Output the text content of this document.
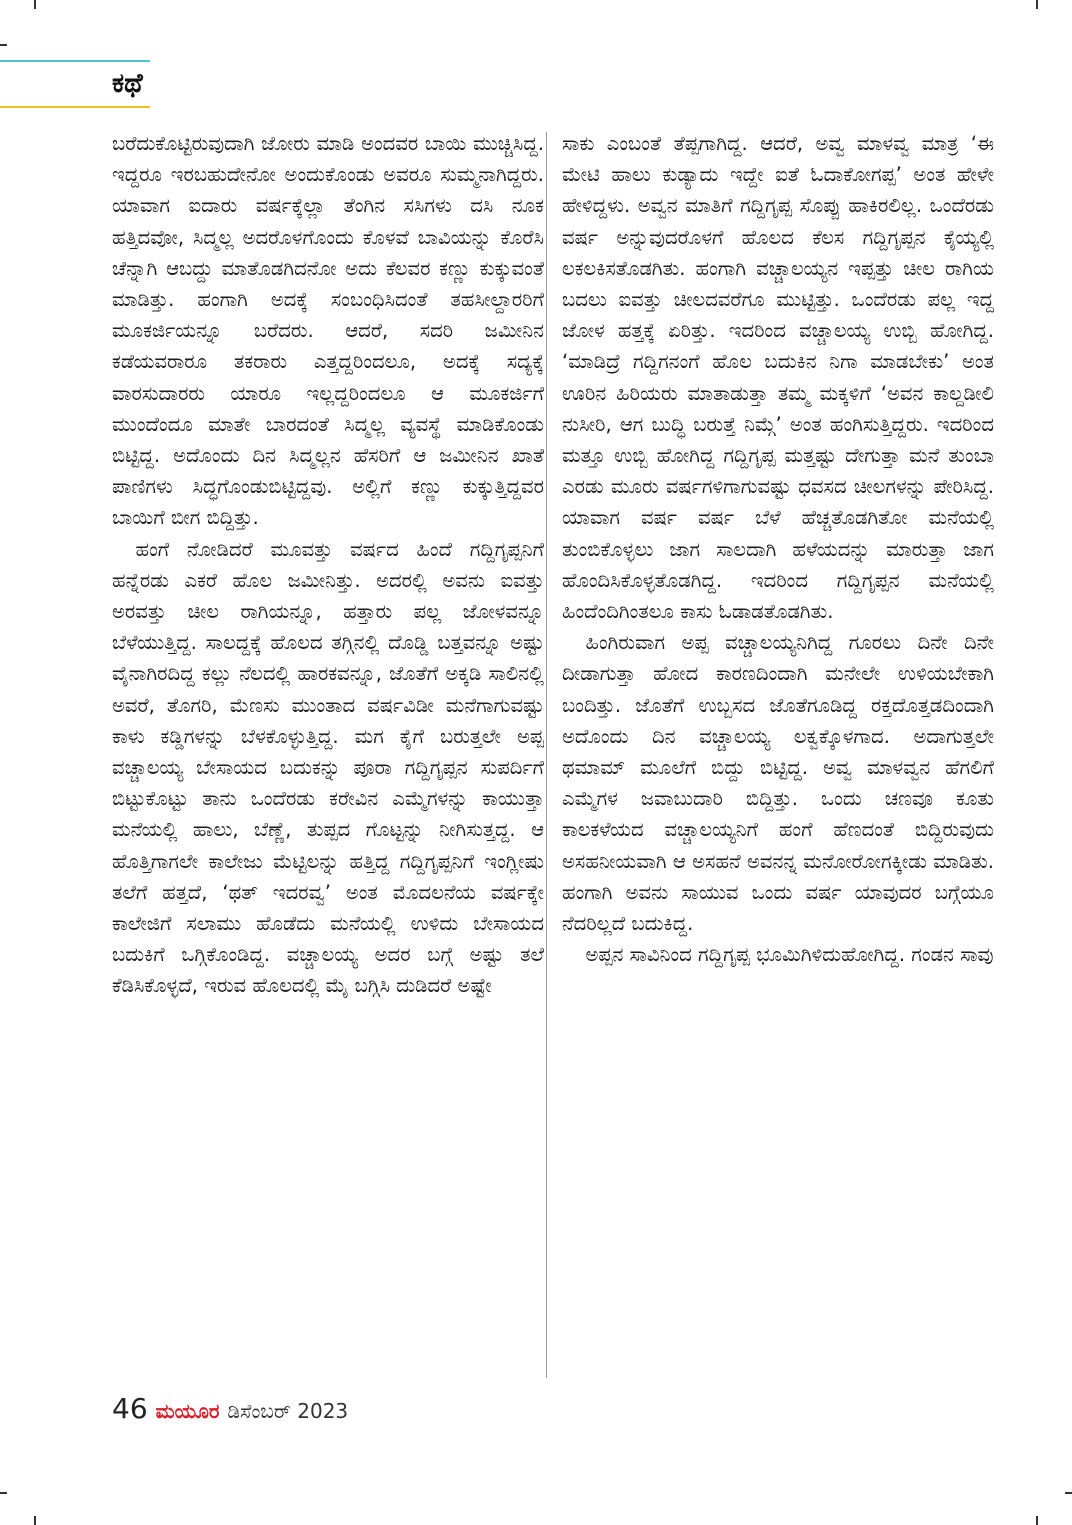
ಕಥೆ

ಬರೆದುಕೊಟ್ಟಿರುವುದಾಗಿ ಜೋರು ಮಾಡಿ ಅಂದವರ ಬಾಯಿ ಮುಚ್ಚಿಸಿದ್ದ. ಇದ್ದರೂ ಇರಬಹುದೇನೋ ಅಂದುಕೊಂಡು ಅವರೂ ಸುಮ್ಮನಾಗಿದ್ದರು. ಯಾವಾಗ ಐದಾರು ವರ್ಷಕ್ಕೆಲ್ಲಾ ತೆಂಗಿನ ಸಸಿಗಳು ದಸಿ ನೂಕ ಹತ್ತಿದವೋ, ಸಿದ್ಮಲ್ಲ ಅದರೊಳಗೊಂದು ಕೊಳವೆ ಬಾವಿಯನ್ನು ಕೊರೆಸಿ ಚೆನ್ನಾಗಿ ಆಬದ್ದು ಮಾತೊಡಗಿದನೋ ಅದು ಕೆಲವರ ಕಣ್ಣು ಕುಕ್ಕುವಂತೆ ಮಾಡಿತ್ತು. ಹಂಗಾಗಿ ಅದಕ್ಕೆ ಸಂಬಂಧಿಸಿದಂತೆ ತಹಸೀಲ್ದಾರರಿಗೆ ಮೂಕರ್ಜಿಯನ್ನೂ ಬರೆದರು. ಆದರೆ, ಸದರಿ ಜಮೀನಿನ ಕಡೆಯವರಾರೂ ತಕರಾರು ಎತ್ತದ್ದರಿಂದಲೂ, ಅದಕ್ಕೆ ಸದ್ಯಕ್ಕೆ ವಾರಸುದಾರರು ಯಾರೂ ಇಲ್ಲದ್ದರಿಂದಲೂ ಆ ಮೂಕರ್ಜಿಗೆ ಮುಂದೆಂದೂ ಮಾತೇ ಬಾರದಂತೆ ಸಿದ್ಮಲ್ಲ ವ್ಯವಸ್ಥೆ ಮಾಡಿಕೊಂಡು ಬಿಟ್ಟಿದ್ದ. ಅದೊಂದು ದಿನ ಸಿದ್ಮಲ್ಲನ ಹೆಸರಿಗೆ ಆ ಜಮೀನಿನ ಖಾತೆ ಪಾಣಿಗಳು ಸಿದ್ಧಗೊಂಡುಬಿಟ್ಟಿದ್ದವು. ಅಲ್ಲಿಗೆ ಕಣ್ಣು ಕುಕ್ಕುತ್ತಿದ್ದವರ ಬಾಯಿಗೆ ಬೀಗ ಬಿದ್ದಿತ್ತು.

ಹಂಗೆ ನೋಡಿದರೆ ಮೂವತ್ತು ವರ್ಷದ ಹಿಂದೆ ಗದ್ದಿಗೃಪ್ಪನಿಗೆ ಹನ್ನೆರಡು ಎಕರೆ ಹೊಲ ಜಮೀನಿತ್ತು. ಅದರಲ್ಲಿ ಅವನು ಐವತ್ತು ಅರವತ್ತು ಚೀಲ ರಾಗಿಯನ್ನೂ, ಹತ್ತಾರು ಪಲ್ಲ ಜೋಳವನ್ನೂ ಬೆಳೆಯುತ್ತಿದ್ದ. ಸಾಲದ್ದಕ್ಕೆ ಹೊಲದ ತಗ್ಗಿನಲ್ಲಿ ದೊಡ್ಡಿ ಬತ್ತವನ್ನೂ ಅಷ್ಟು ವೈನಾಗಿರದಿದ್ದ ಕಲ್ಲು ನೆಲದಲ್ಲಿ ಹಾರಕವನ್ನೂ, ಜೊತೆಗೆ ಅಕ್ಕಡಿ ಸಾಲಿನಲ್ಲಿ ಅವರೆ, ತೊಗರಿ, ಮೆಣಸು ಮುಂತಾದ ವರ್ಷವಿಡೀ ಮನೆಗಾಗುವಷ್ಟು ಕಾಳು ಕಡ್ಡಿಗಳನ್ನು ಬೆಳಕೊಳ್ಳುತ್ತಿದ್ದ. ಮಗ ಕೈಗೆ ಬರುತ್ತಲೇ ಅಪ್ಪ ವಚ್ಚಾಲಯ್ಯ ಬೇಸಾಯದ ಬದುಕನ್ನು ಪೂರಾ ಗದ್ದಿಗೃಪ್ಪನ ಸುಪರ್ದಿಗೆ ಬಿಟ್ಟುಕೊಟ್ಟು ತಾನು ಒಂದೆರಡು ಕರೇವಿನ ಎಮ್ಮೆಗಳನ್ನು ಕಾಯುತ್ತಾ ಮನೆಯಲ್ಲಿ ಹಾಲು, ಬೆಣ್ಣೆ, ತುಪ್ಪದ ಗೊಟ್ಟನ್ನು ನೀಗಿಸುತ್ತದ್ದ. ಆ ಹೊತ್ತಿಗಾಗಲೇ ಕಾಲೇಜು ಮೆಟ್ಟಿಲನ್ನು ಹತ್ತಿದ್ದ ಗದ್ದಿಗೃಪ್ಪನಿಗೆ ಇಂಗ್ಲೀಷು ತಲೆಗೆ ಹತ್ತದೆ, ‘ಥತ್ ಇದರವ್ವ’ ಅಂತ ಮೊದಲನೆಯ ವರ್ಷಕ್ಕೇ ಕಾಲೇಜಿಗೆ ಸಲಾಮು ಹೊಡೆದು ಮನೆಯಲ್ಲಿ ಉಳಿದು ಬೇಸಾಯದ ಬದುಕಿಗೆ ಒಗ್ಗಿಕೊಂಡಿದ್ದ. ವಚ್ಚಾಲಯ್ಯ ಅದರ ಬಗ್ಗೆ ಅಷ್ಟು ತಲೆ ಕೆಡಿಸಿಕೊಳ್ಳದೆ, ಇರುವ ಹೊಲದಲ್ಲಿ ಮೈ ಬಗ್ಗಿಸಿ ದುಡಿದರೆ ಅಷ್ಟೇ

ಸಾಕು ಎಂಬಂತೆ ತೆಪ್ಪಗಾಗಿದ್ದ. ಆದರೆ, ಅವ್ವ ಮಾಳವ್ವ ಮಾತ್ರ ‘ಈ ಮೇಟಿ ಹಾಲು ಕುಡ್ಯಾದು ಇದ್ದೇ ಐತೆ ಓದಾಕೋಗಪ್ಪ’ ಅಂತ ಹೇಳೇ ಹೇಳಿದ್ದಳು. ಅವ್ವನ ಮಾತಿಗೆ ಗದ್ದಿಗೃಪ್ಪ ಸೊಪ್ಪು ಹಾಕಿರಲಿಲ್ಲ. ಒಂದೆರಡು ವರ್ಷ ಅನ್ನುವುದರೊಳಗೆ ಹೊಲದ ಕೆಲಸ ಗದ್ದಿಗೃಪ್ಪನ ಕೈಯ್ಯಲ್ಲಿ ಲಕಲಕಿಸತೊಡಗಿತು. ಹಂಗಾಗಿ ವಚ್ಚಾಲಯ್ಯನ ಇಪ್ಪತ್ತು ಚೀಲ ರಾಗಿಯ ಬದಲು ಐವತ್ತು ಚೀಲದವರೆಗೂ ಮುಟ್ಟಿತ್ತು. ಒಂದೆರಡು ಪಲ್ಲ ಇದ್ದ ಜೋಳ ಹತ್ತಕ್ಕೆ ಏರಿತ್ತು. ಇದರಿಂದ ವಚ್ಚಾಲಯ್ಯ ಉಬ್ಬಿ ಹೋಗಿದ್ದ. ‘ಮಾಡಿದ್ರೆ ಗದ್ದಿಗನಂಗೆ ಹೊಲ ಬದುಕಿನ ನಿಗಾ ಮಾಡಬೇಕು’ ಅಂತ ಊರಿನ ಹಿರಿಯರು ಮಾತಾಡುತ್ತಾ ತಮ್ಮ ಮಕ್ಕಳಿಗೆ ‘ಅವನ ಕಾಲ್ದಡೀಲಿ ನುಸೀರಿ, ಆಗ ಬುದ್ಧಿ ಬರುತ್ತೆ ನಿಮ್ಗೆ’ ಅಂತ ಹಂಗಿಸುತ್ತಿದ್ದರು. ಇದರಿಂದ ಮತ್ತೂ ಉಬ್ಬಿ ಹೋಗಿದ್ದ ಗದ್ದಿಗೃಪ್ಪ ಮತ್ತಷ್ಟು ದೇಗುತ್ತಾ ಮನೆ ತುಂಬಾ ಎರಡು ಮೂರು ವರ್ಷಗಳಿಗಾಗುವಷ್ಟು ಧವಸದ ಚೀಲಗಳನ್ನು ಪೇರಿಸಿದ್ದ. ಯಾವಾಗ ವರ್ಷ ವರ್ಷ ಬೆಳೆ ಹೆಚ್ಚತೊಡಗಿತೋ ಮನೆಯಲ್ಲಿ ತುಂಬಿಕೊಳ್ಳಲು ಜಾಗ ಸಾಲದಾಗಿ ಹಳೆಯದನ್ನು ಮಾರುತ್ತಾ ಜಾಗ ಹೊಂದಿಸಿಕೊಳ್ಳತೊಡಗಿದ್ದ. ಇದರಿಂದ ಗದ್ದಿಗೃಪ್ಪನ ಮನೆಯಲ್ಲಿ ಹಿಂದೆಂದಿಗಿಂತಲೂ ಕಾಸು ಓಡಾಡತೊಡಗಿತು.

ಹಿಂಗಿರುವಾಗ ಅಪ್ಪ ವಚ್ಚಾಲಯ್ಯನಿಗಿದ್ದ ಗೂರಲು ದಿನೇ ದಿನೇ ದೀಡಾಗುತ್ತಾ ಹೋದ ಕಾರಣದಿಂದಾಗಿ ಮನೇಲೇ ಉಳಿಯಬೇಕಾಗಿ ಬಂದಿತ್ತು. ಜೊತೆಗೆ ಉಬ್ಬಸದ ಜೊತೆಗೂಡಿದ್ದ ರಕ್ತದೊತ್ತಡದಿಂದಾಗಿ ಅದೊಂದು ದಿನ ವಚ್ಚಾಲಯ್ಯ ಲಕ್ವಕ್ಕೊಳಗಾದ. ಅದಾಗುತ್ತಲೇ ಥಮಾಮ್ ಮೂಲೆಗೆ ಬಿದ್ದು ಬಿಟ್ಟಿದ್ದ. ಅವ್ವ ಮಾಳವ್ವನ ಹೆಗಲಿಗೆ ಎಮ್ಮೆಗಳ ಜವಾಬುದಾರಿ ಬಿದ್ದಿತ್ತು. ಒಂದು ಚಣವೂ ಕೂತು ಕಾಲಕಳೆಯದ ವಚ್ಚಾಲಯ್ಯನಿಗೆ ಹಂಗೆ ಹೆಣದಂತೆ ಬಿದ್ದಿರುವುದು ಅಸಹನೀಯವಾಗಿ ಆ ಅಸಹನೆ ಅವನನ್ನ ಮನೋರೋಗಕ್ಕೀಡು ಮಾಡಿತು. ಹಂಗಾಗಿ ಅವನು ಸಾಯುವ ಒಂದು ವರ್ಷ ಯಾವುದರ ಬಗ್ಗೆಯೂ ನೆದರಿಲ್ಲದೆ ಬದುಕಿದ್ದ.

ಅಪ್ಪನ ಸಾವಿನಿಂದ ಗದ್ದಿಗೃಪ್ಪ ಭೂಮಿಗಿಳಿದುಹೋಗಿದ್ದ. ಗಂಡನ ಸಾವು

46 ಮಯೂರ ಡಿಸೆಂಬರ್ 2023
